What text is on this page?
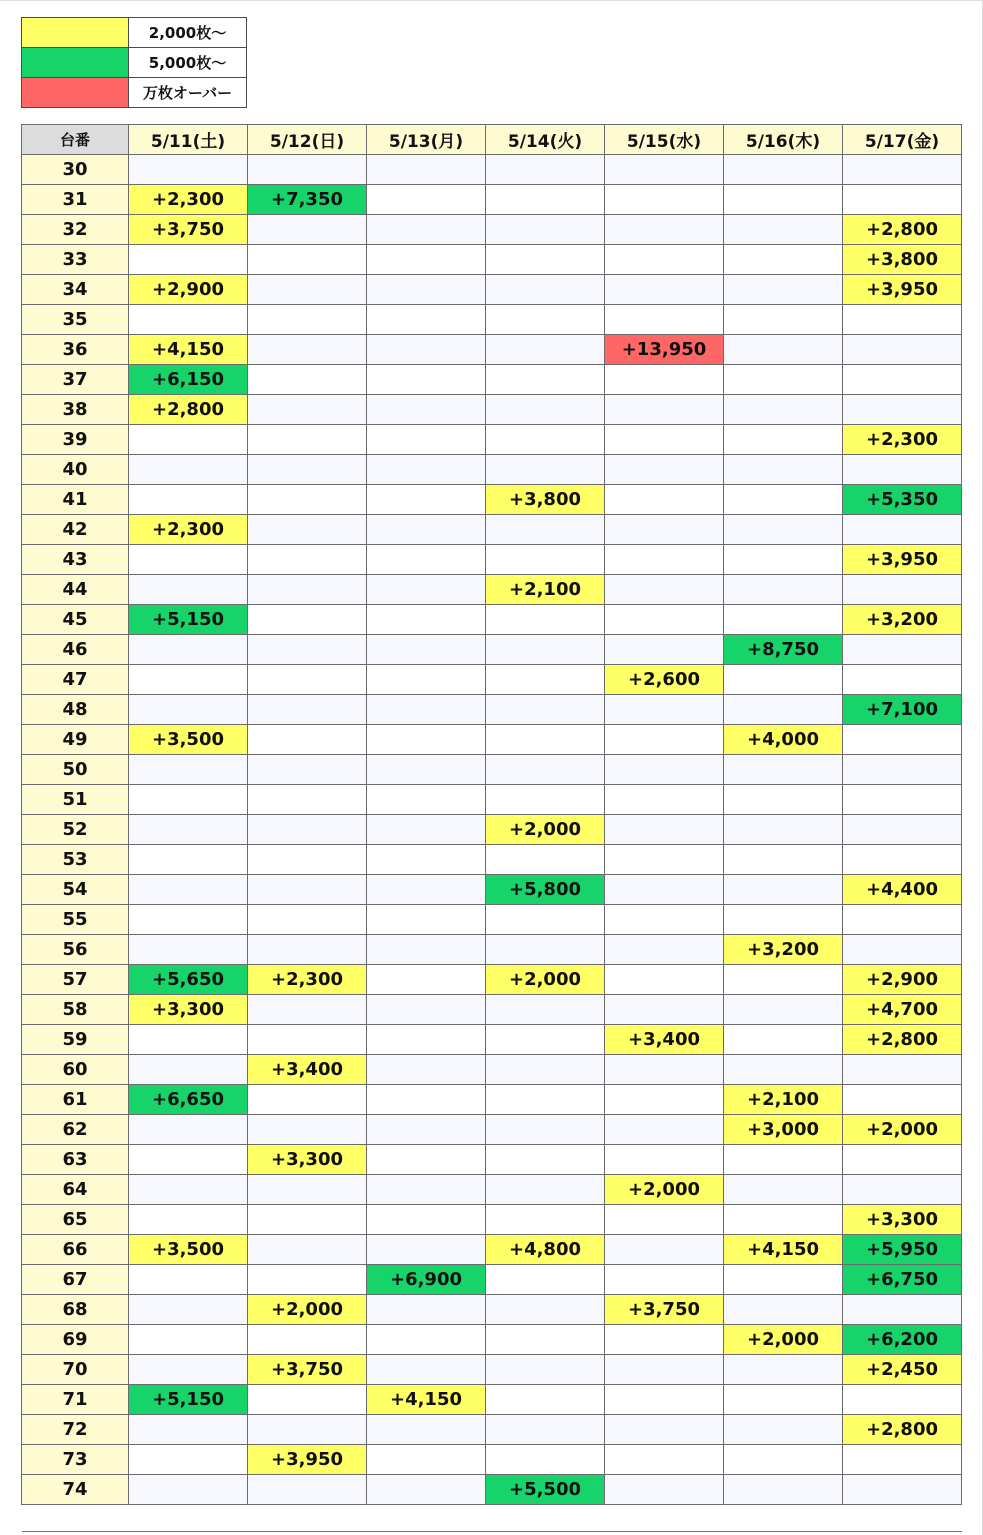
	2,000枚～
	5,000枚～
	万枚オーバー
台番	5/11(土)	5/12(日)	5/13(月)	5/14(火)	5/15(水)	5/16(木)	5/17(金)
30							
31	+2,300	+7,350					
32	+3,750						+2,800
33							+3,800
34	+2,900						+3,950
35							
36	+4,150				+13,950		
37	+6,150						
38	+2,800						
39							+2,300
40							
41				+3,800			+5,350
42	+2,300						
43							+3,950
44				+2,100			
45	+5,150						+3,200
46						+8,750	
47					+2,600		
48							+7,100
49	+3,500					+4,000	
50							
51							
52				+2,000			
53							
54				+5,800			+4,400
55							
56						+3,200	
57	+5,650	+2,300		+2,000			+2,900
58	+3,300						+4,700
59					+3,400		+2,800
60		+3,400					
61	+6,650					+2,100	
62						+3,000	+2,000
63		+3,300					
64					+2,000		
65							+3,300
66	+3,500			+4,800		+4,150	+5,950
67			+6,900				+6,750
68		+2,000			+3,750		
69						+2,000	+6,200
70		+3,750					+2,450
71	+5,150		+4,150				
72							+2,800
73		+3,950					
74				+5,500			
